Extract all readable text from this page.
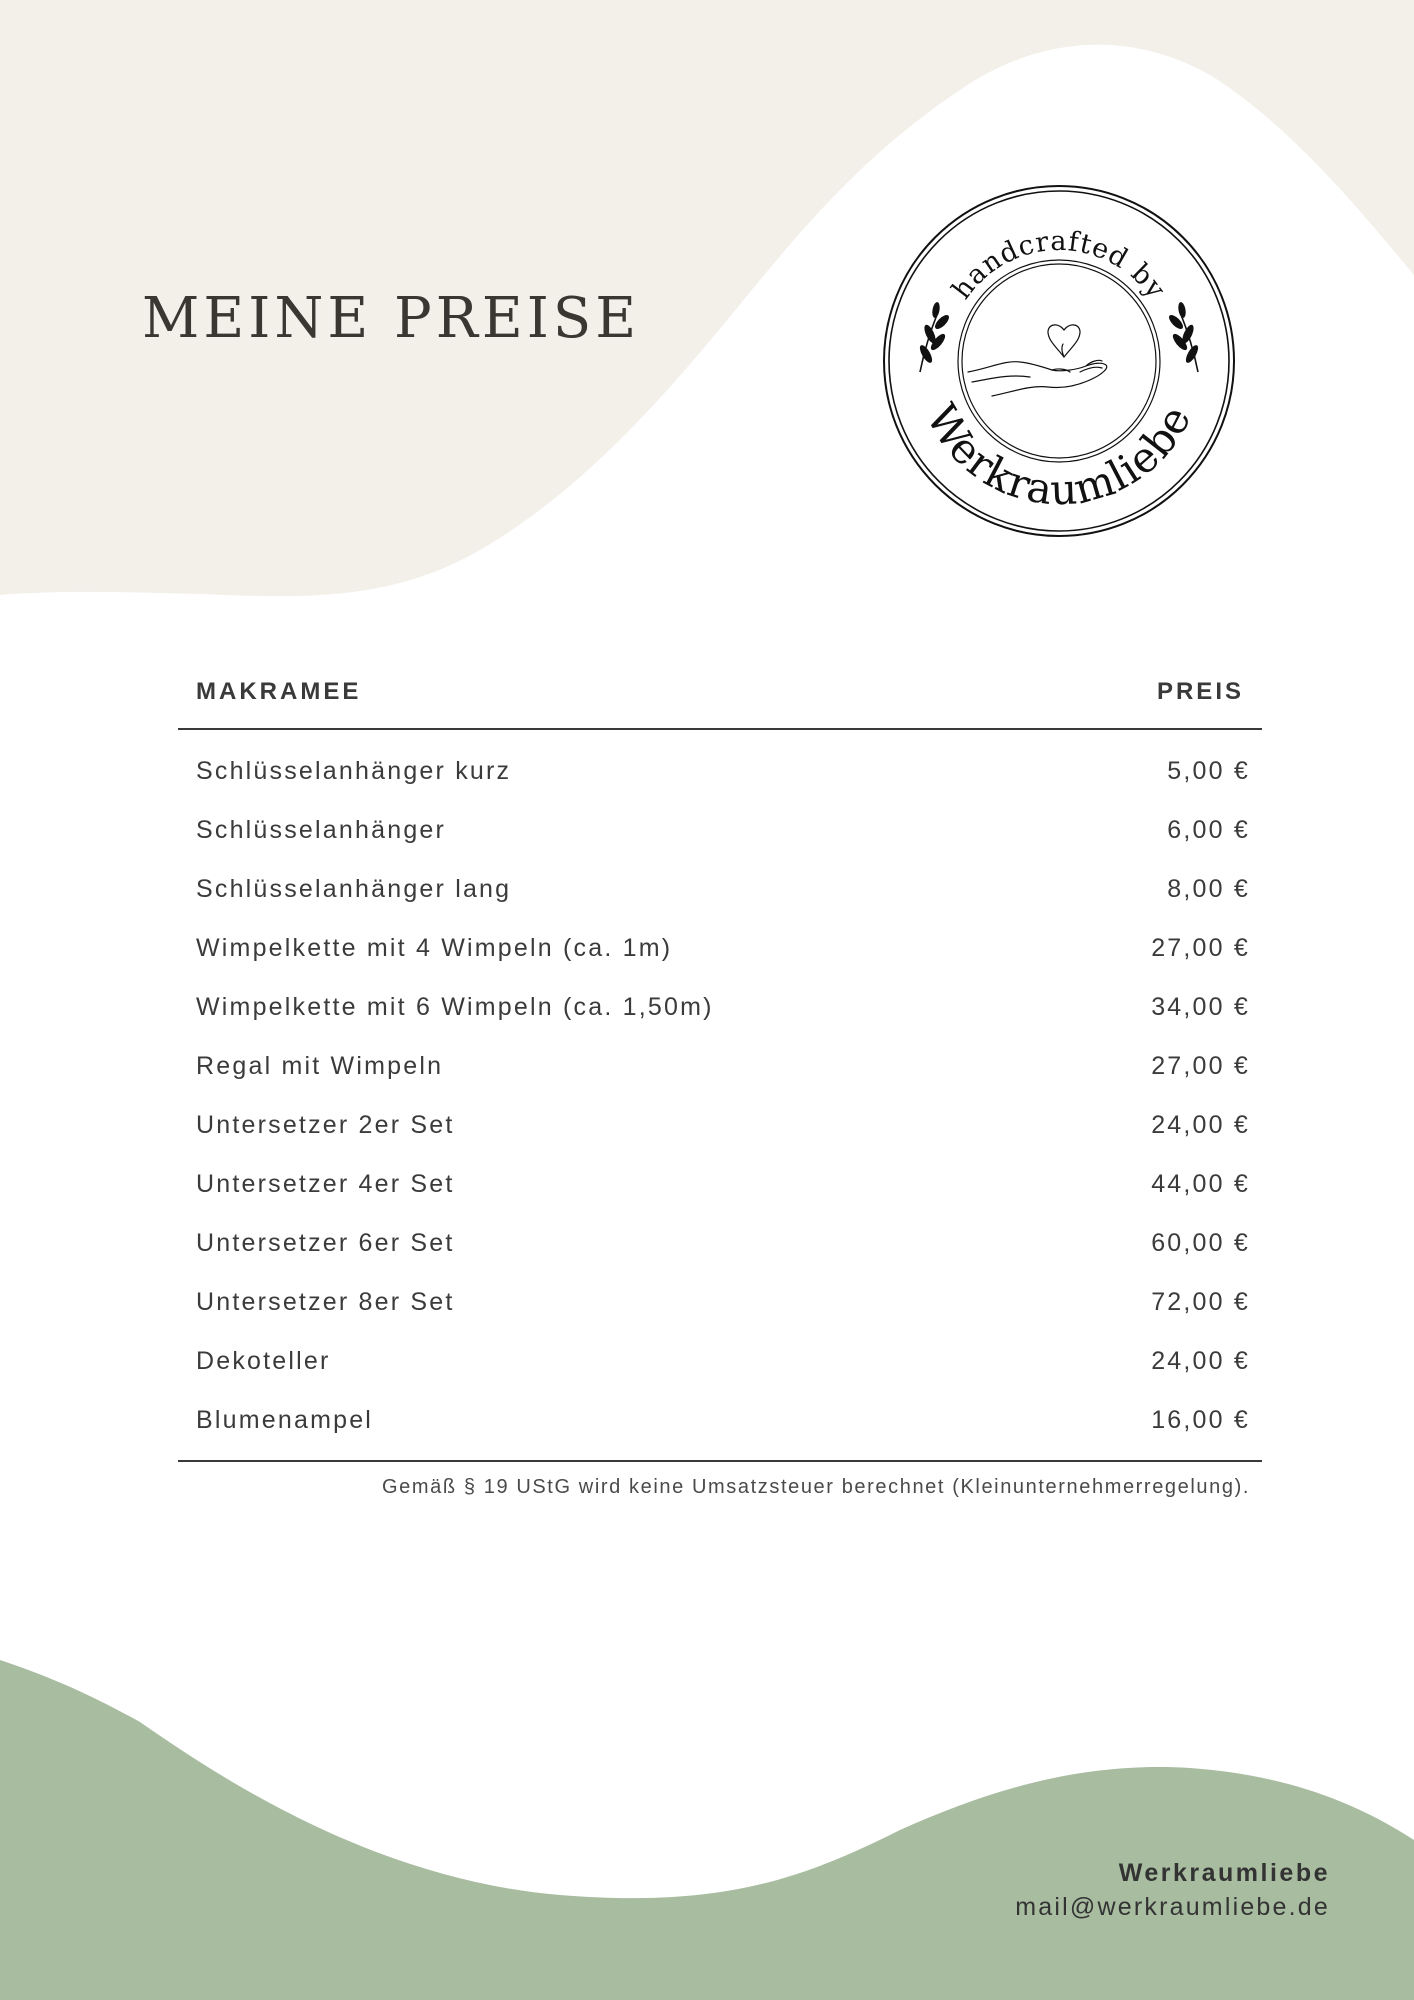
MEINE PREISE	handcrafted by
Werkraumliebe
MAKRAMEE	PREIS
Schlüsselanhänger kurz	5,00 €
Schlüsselanhänger	6,00 €
Schlüsselanhänger lang	8,00 €
Wimpelkette mit 4 Wimpeln (ca. 1m)	27,00 €
Wimpelkette mit 6 Wimpeln (ca. 1,50m)	34,00 €
Regal mit Wimpeln	27,00 €
Untersetzer 2er Set	24,00 €
Untersetzer 4er Set	44,00 €
Untersetzer 6er Set	60,00 €
Untersetzer 8er Set	72,00 €
Dekoteller	24,00 €
Blumenampel	16,00 €
Gemäß § 19 UStG wird keine Umsatzsteuer berechnet (Kleinunternehmerregelung).
Werkraumliebe
mail@werkraumliebe.de
